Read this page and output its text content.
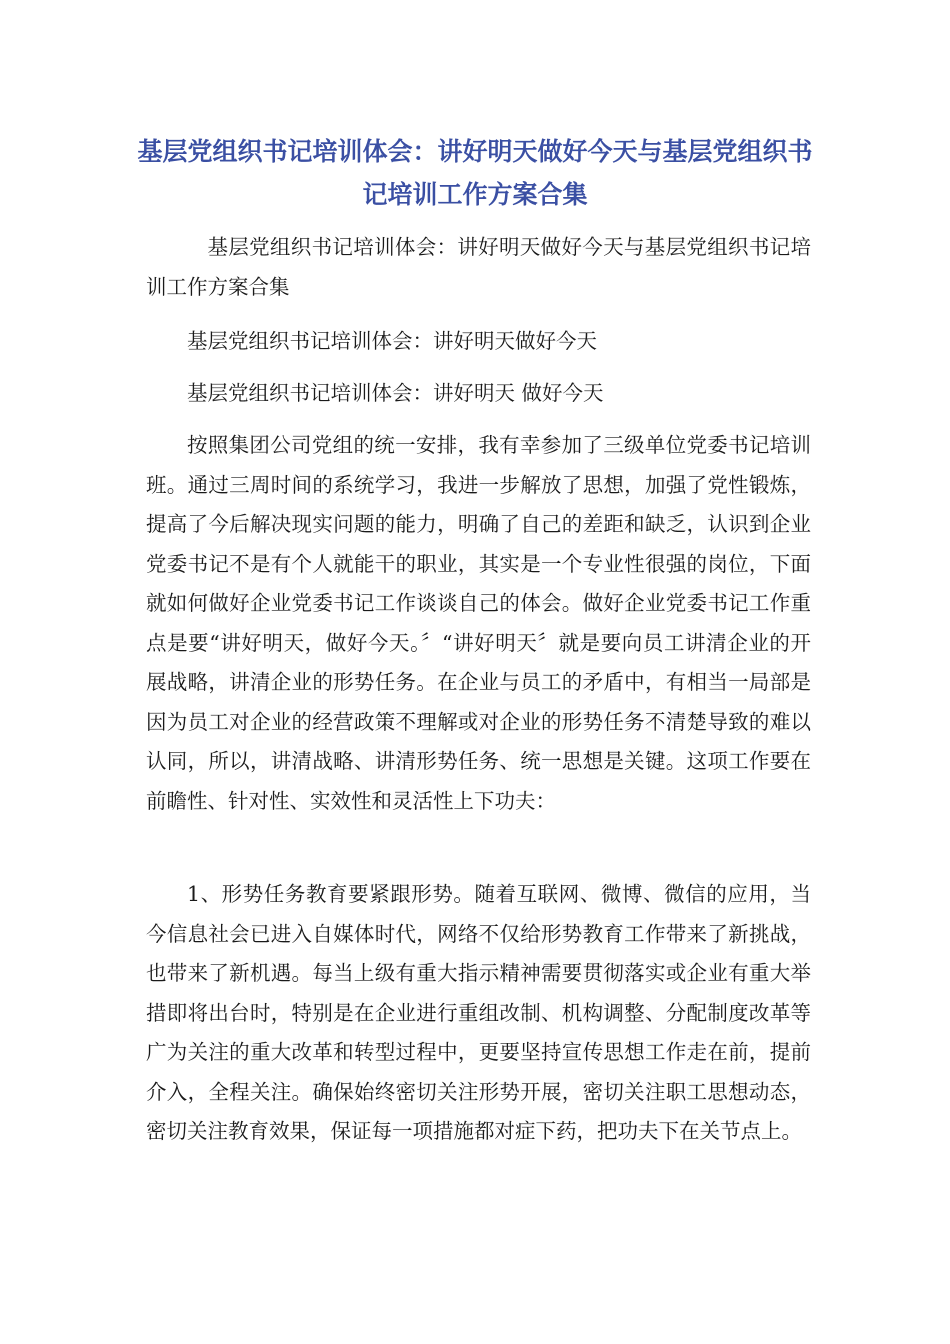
基层党组织书记培训体会：讲好明天做好今天与基层党组织书记培训工作方案合集

基层党组织书记培训体会：讲好明天做好今天与基层党组织书记培训工作方案合集

基层党组织书记培训体会：讲好明天做好今天

基层党组织书记培训体会：讲好明天 做好今天

按照集团公司党组的统一安排，我有幸参加了三级单位党委书记培训班。通过三周时间的系统学习，我进一步解放了思想，加强了党性锻炼，提高了今后解决现实问题的能力，明确了自己的差距和缺乏，认识到企业党委书记不是有个人就能干的职业，其实是一个专业性很强的岗位，下面就如何做好企业党委书记工作谈谈自己的体会。做好企业党委书记工作重点是要“讲好明天，做好今天。〞“讲好明天〞就是要向员工讲清企业的开展战略，讲清企业的形势任务。在企业与员工的矛盾中，有相当一局部是因为员工对企业的经营政策不理解或对企业的形势任务不清楚导致的难以认同，所以，讲清战略、讲清形势任务、统一思想是关键。这项工作要在前瞻性、针对性、实效性和灵活性上下功夫：

1、形势任务教育要紧跟形势。随着互联网、微博、微信的应用，当今信息社会已进入自媒体时代，网络不仅给形势教育工作带来了新挑战，也带来了新机遇。每当上级有重大指示精神需要贯彻落实或企业有重大举措即将出台时，特别是在企业进行重组改制、机构调整、分配制度改革等广为关注的重大改革和转型过程中，更要坚持宣传思想工作走在前，提前介入，全程关注。确保始终密切关注形势开展，密切关注职工思想动态，密切关注教育效果，保证每一项措施都对症下药，把功夫下在关节点上。
